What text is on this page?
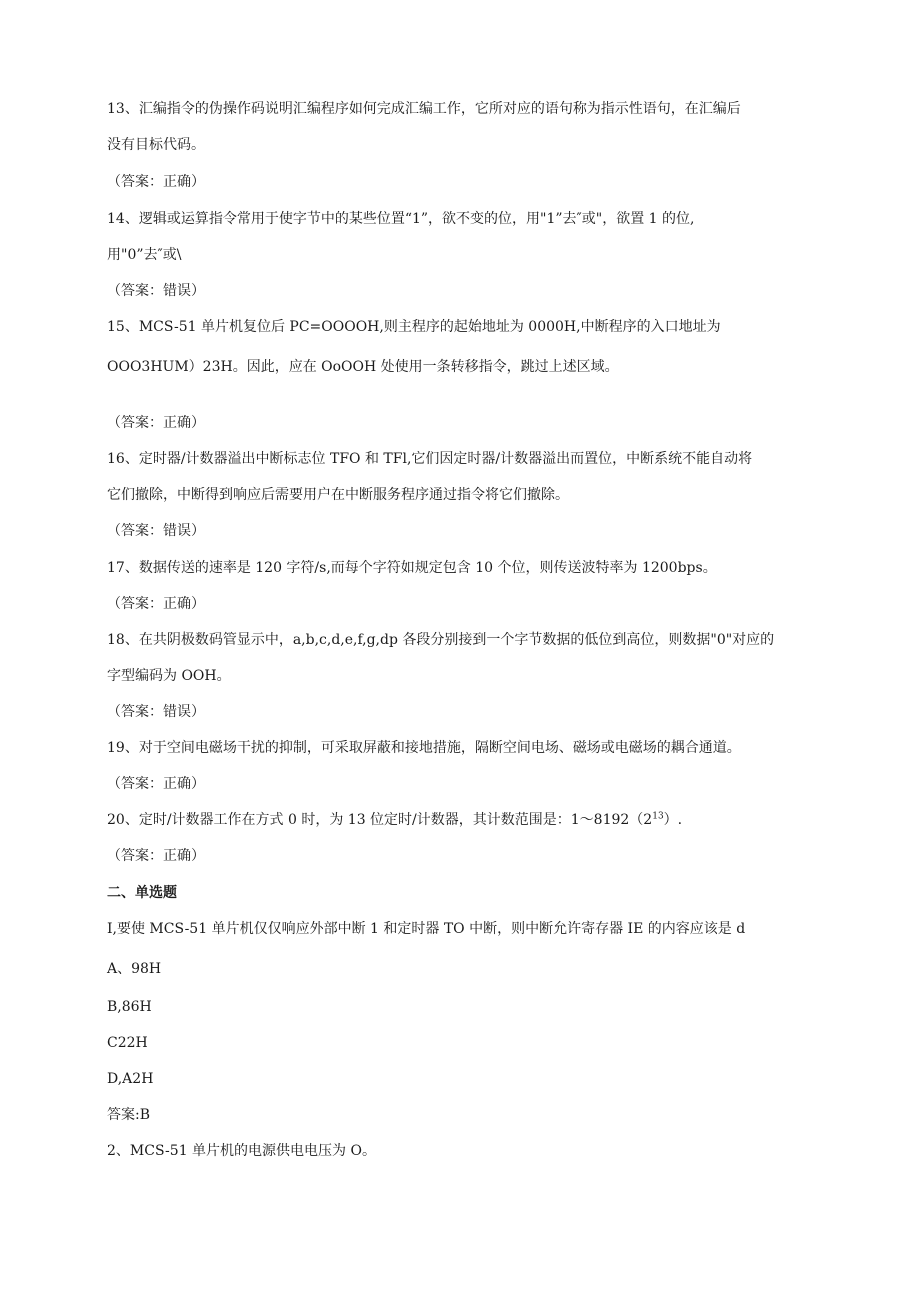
13、汇编指令的伪操作码说明汇编程序如何完成汇编工作，它所对应的语句称为指示性语句，在汇编后
没有目标代码。
（答案：正确）
14、逻辑或运算指令常用于使字节中的某些位置“1”，欲不变的位，用"1”去″或"，欲置 1 的位,
用"0”去″或\
（答案：错误）
15、MCS-51 单片机复位后 PC=OOOOH,则主程序的起始地址为 0000H,中断程序的入口地址为
OOO3HUM）23H。因此，应在 OoOOH 处使用一条转移指令，跳过上述区域。
（答案：正确）
16、定时器/计数器溢出中断标志位 TFO 和 TFl,它们因定时器/计数器溢出而置位，中断系统不能自动将
它们撤除，中断得到响应后需要用户在中断服务程序通过指令将它们撤除。
（答案：错误）
17、数据传送的速率是 120 字符/s,而每个字符如规定包含 10 个位，则传送波特率为 1200bps。
（答案：正确）
18、在共阴极数码管显示中，a,b,c,d,e,f,g,dp 各段分别接到一个字节数据的低位到高位，则数据"0"对应的
字型编码为 OOH。
（答案：错误）
19、对于空间电磁场干扰的抑制，可采取屏蔽和接地措施，隔断空间电场、磁场或电磁场的耦合通道。
（答案：正确）
20、定时/计数器工作在方式 0 时，为 13 位定时/计数器，其计数范围是：$1\sim 8192(2^{13})$.
（答案：正确）
二、单选题
I,要使 MCS-51 单片机仅仅响应外部中断 1 和定时器 TO 中断，则中断允许寄存器 IE 的内容应该是 d
A、98H
B,86H
C22H
D,A2H
答案:B
2、MCS-51 单片机的电源供电电压为 O。
